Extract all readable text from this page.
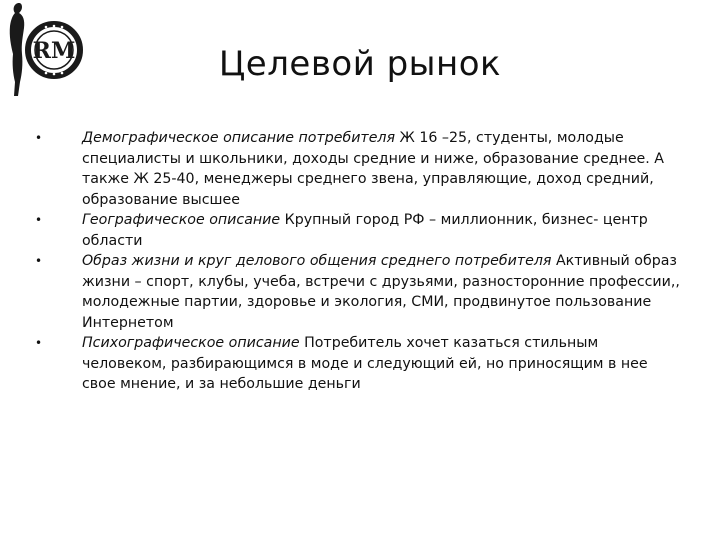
RM	Целевой рынок
•	Демографическое описание потребителя Ж 16 –25, студенты, молодые специалисты и школьники, доходы средние и ниже, образование среднее. А также Ж 25-40, менеджеры среднего звена, управляющие, доход средний, образование высшее
•	Географическое описание Крупный город РФ – миллионник, бизнес- центр области
•	Образ жизни и круг делового общения среднего потребителя Активный образ жизни – спорт, клубы, учеба, встречи с друзьями, разносторонние профессии,, молодежные партии, здоровье и экология, СМИ, продвинутое пользование Интернетом
•	Психографическое описание Потребитель хочет казаться стильным человеком, разбирающимся в моде и следующий ей, но приносящим в нее свое мнение, и за небольшие деньги
